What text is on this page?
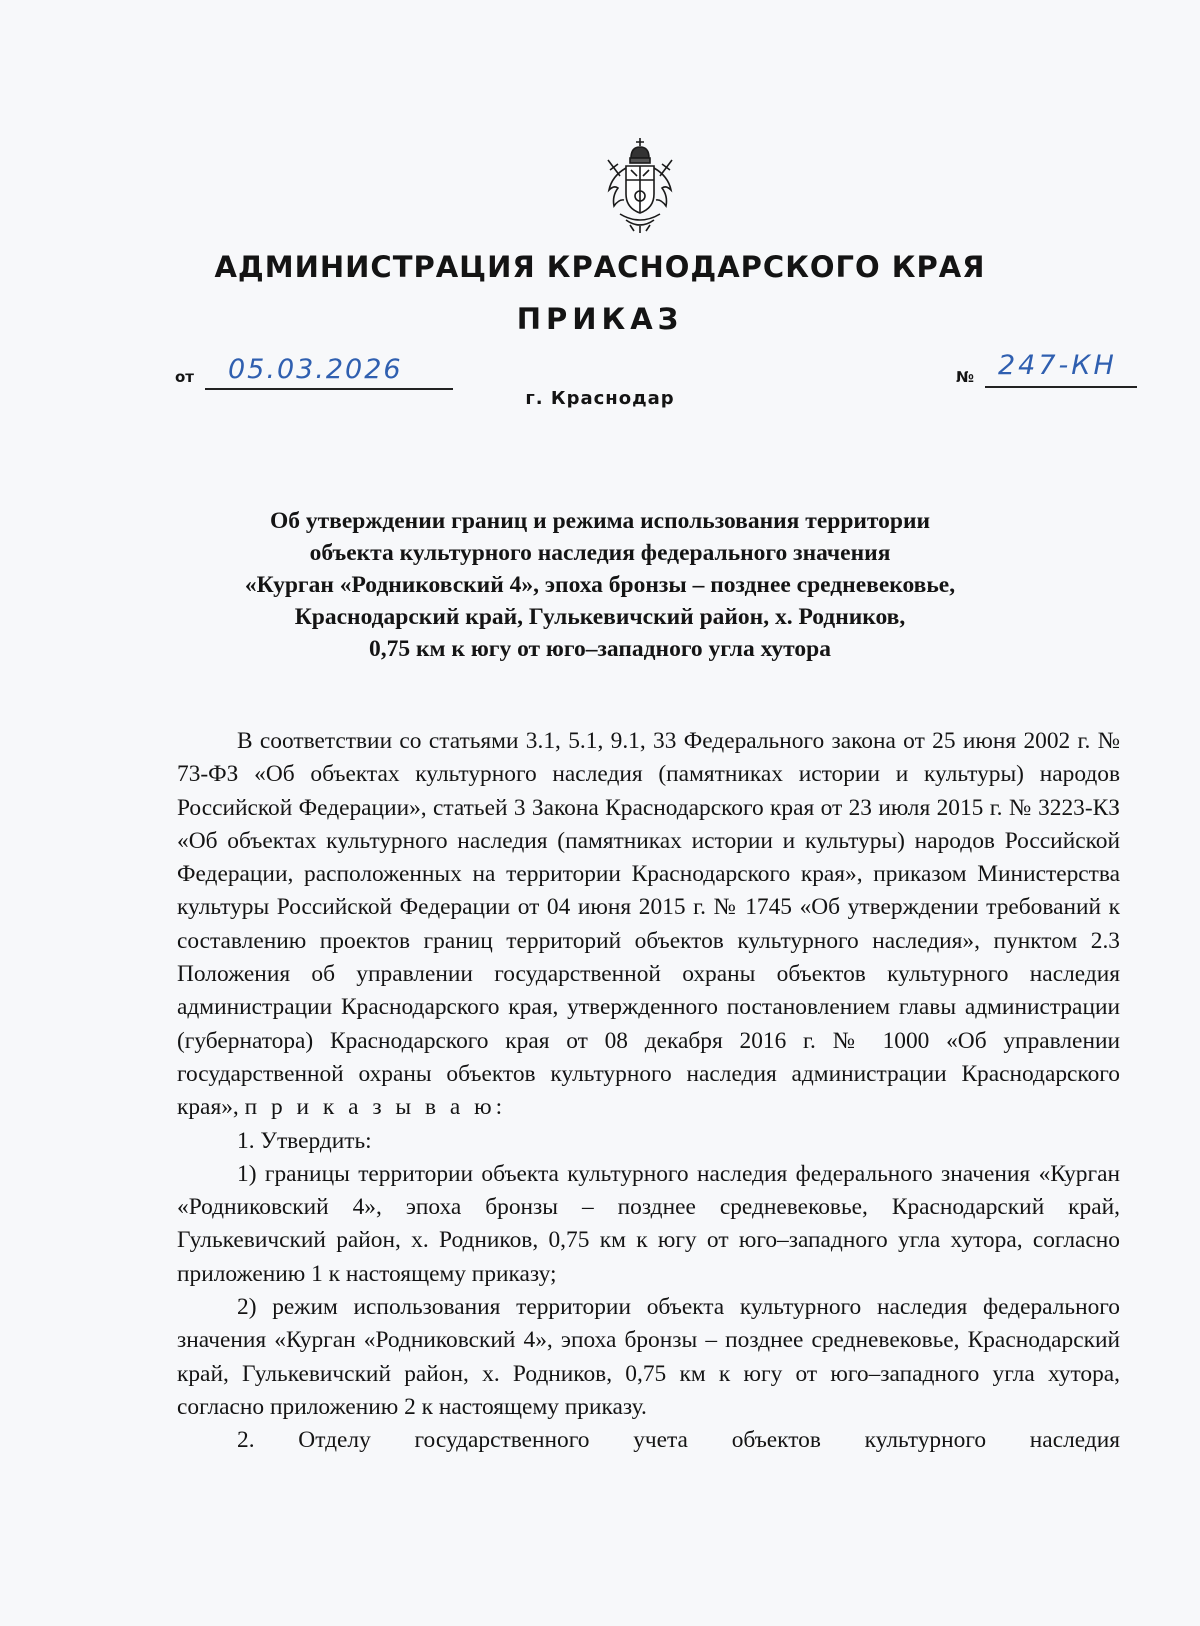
АДМИНИСТРАЦИЯ КРАСНОДАРСКОГО КРАЯ
ПРИКАЗ
от 05.03.2026	№ 247-КН
г. Краснодар
Об утверждении границ и режима использования территории
объекта культурного наследия федерального значения
«Курган «Родниковский 4», эпоха бронзы – позднее средневековье,
Краснодарский край, Гулькевичский район, х. Родников,
0,75 км к югу от юго–западного угла хутора

В соответствии со статьями 3.1, 5.1, 9.1, 33 Федерального закона от 25 июня 2002 г. № 73-ФЗ «Об объектах культурного наследия (памятниках истории и культуры) народов Российской Федерации», статьей 3 Закона Краснодарского края от 23 июля 2015 г. № 3223-КЗ «Об объектах культурного наследия (памятниках истории и культуры) народов Российской Федерации, расположенных на территории Краснодарского края», приказом Министерства культуры Российской Федерации от 04 июня 2015 г. № 1745 «Об утверждении требований к составлению проектов границ территорий объектов культурного наследия», пунктом 2.3 Положения об управлении государственной охраны объектов культурного наследия администрации Краснодарского края, утвержденного постановлением главы администрации (губернатора) Краснодарского края от 08 декабря 2016 г. № 1000 «Об управлении государственной охраны объектов культурного наследия администрации Краснодарского края», п р и к а з ы в а ю:

1. Утвердить:

1) границы территории объекта культурного наследия федерального значения «Курган «Родниковский 4», эпоха бронзы – позднее средневековье, Краснодарский край, Гулькевичский район, х. Родников, 0,75 км к югу от юго–западного угла хутора, согласно приложению 1 к настоящему приказу;

2) режим использования территории объекта культурного наследия федерального значения «Курган «Родниковский 4», эпоха бронзы – позднее средневековье, Краснодарский край, Гулькевичский район, х. Родников, 0,75 км к югу от юго–западного угла хутора, согласно приложению 2 к настоящему приказу.

2. Отделу государственного учета объектов культурного наследия
